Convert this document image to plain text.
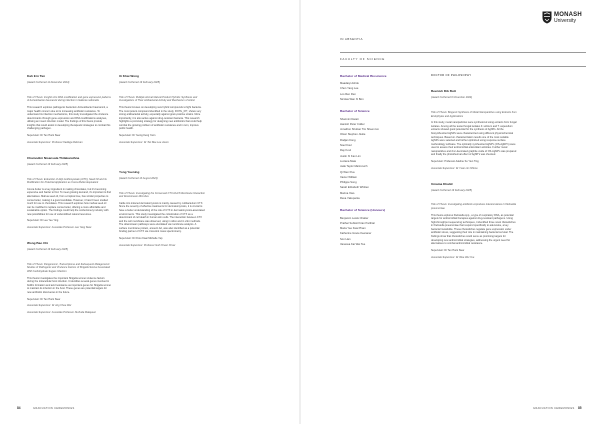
IN ABSENTIA
FACULTY OF SCIENCE
MONASH
University

Kah Ern Tan

(Award Conferred 11 December 2024)

Title of Thesis: Insights into RNA modification and gene expression patterns of Acinetobacter baumannii during infection in Galleria mellonella

This research explores pathogenic bacterium Acinetobacter baumannii, a major health concern due to its increasing antibiotic resistance. To understand its infection mechanisms, this study investigated the virulence determinants through gene expression and RNA modifications analyses, utilising an insect infection model. The findings of this thesis provide insights that could assist in developing therapeutic strategies to combat this challenging pathogen.

Supervisor: Dr Ten Hock Siew

Associate Supervisor: Professor Kadlega Rahman

Chamodini Nisansala Thilakarathna

(Award Conferred 19 February 2025)

Title of Thesis: Extraction of Allyl isothiocyanate (AITC), Seed Oil and its Modification for Potential Application as Cocoa Butter Equivalent

Cocoa butter is a key ingredient in making chocolates, but it's becoming expensive and harder to find. To meet growing demand, it's important to find alternatives. Mahua seed oil, from a tropical tree, has similar properties to cocoa butter, making it a good candidate. However, it hasn't been studied much for use in chocolates. This research explores how mahua seed oil can be modified to replace cocoa butter, offering a more affordable and sustainable option. The findings could help the confectionery industry with new possibilities for use of underutilized natural resources.

Supervisor: Dr Lee Yee Ying

Associate Supervisor: Associate Professor Lee Yang Siew

Wong Bao Chi

(Award Conferred 19 February 2025)

Title of Thesis: Pangenomic, Transcriptome and Subsequent Metagenomic Studies of Pathogenic and Virulence Factors of Shigella Sonnei Associated With Carbohydrate Sugars Infection

This thesis investigates the important Shigella sonnei virulence factors during the intracellular host infection. It identifies several genes involved in biofilm formation and acid resistance as important genes for Shigella sonnei to maintain its infection in the host. These genes are potential targets for new antibiotic discoveries in the future.

Supervisor: Dr Ten Hock Siew

Associate Supervisor: Dr Ang Chee Wei

Associate Supervisor: Associate Professor Nurhuda Matayeen

Xi Khai Wong

(Award Conferred 19 February 2025)

Title of Thesis: Multiple Animal Natural Product Hybrids: Synthesis and Investigations of Their Antibacterial Activity and Mechanism of Action

This thesis focuses on developing new hybrid compounds to fight bacteria. The most potent compound identified in the study, FO/HL_03*, shows very strong antibacterial activity, especially against gram-positive strains. More importantly, it is also active against drug-resistant bacteria. This research highlights a promising strategy for designing new antibiotics that could help combat the growing problem of antibiotic resistance and in turn, improve public health.

Supervisor: Dr Yeong Keng Yoon

Associate Supervisor: Dr Tan Bee Lee Jason

Yong Yuening

(Award Conferred 13 August 2024)

Title of Thesis: Investigating the Conserved CTX-M-2/3 Membrane Interaction and Downstream Microbes

Cattle into induced dermatomycosis is mainly caused by cutibacterium CTX. Since the severity of effective treatments for dermatomycosis, it is crucial to have a better understanding of the role of CTX in dermatomycosis-associated environments. This study investigated the colonization of CTX as a determinant of cell death in human skin cells. The interaction between CTX and the cell membrane was observed, using in silico and in vitro methods. The downstream pathways were elucidated via membrane analysis. A surface membrane protein, annexin A2, was also identified as a potential binding partner of CTX via cross-link mass spectrometry.

Supervisor: Dr Khoo Kwai Michelle Yap

Associate Supervisor: Professor Goh Chuen Chow

Bachelor of Medical Bioscience

Maadaiyi Ashok
Chen Yang Lee
Loo Ren Ren
Nicolas Wan Xi Bon

Bachelor of Science

Sharmini Darati
Hamish Peter Collier
Jonathon Shuban Tim Sheen Ho
Oliver Stephen Jiukie
Rodjan Kong
Noel Koul
Ray Koul
Justin Xi Kan Lim
Luciana Mate
Jade Taylor Marinovich
Qi Wen Pua
Xavier William
Philippe Song
Sarah Elizabeth Whitten
Marina Xiao
Reva Yakupanta

Bachelor of Science (Honours)

Benjamin Lewis Chatter
Prathar Subtsit Kiran Parthiar
Maria Yee Kwa Pham
Katherine Grace Keeraner
Son Han
Vanessa Kai Wei Tee

DOCTOR OF PHILOSOPHY

Beenish Dib Butt

(Award Conferred 6 November 2024)

Title of Thesis: Biogenic Synthesis of Metal Nanoparticles using Extracts from Endophytes and Applications

In this study, metal nanoparticles were synthesized using extracts from fungal isolates. Among all the tested fungal isolates F. solinum and T. asperellum extracts showed good potential for the synthesis of AgNPs. All the biosynthesized AgNPs were characterized using different physicochemical techniques. Based on characterization results one of the most suitable AgNPs were selected and further optimized using response surface methodology software. The optimally synthesized AgNP's (OS-AgNP's) were used to assess their antimicrobial antioxidant activities. Further metal nanoparticles and zinc-decorated graphite oxide of OS-AgNP's was prepared and finally the photothermal effect of AgNP's was checked.

Supervisor: Professor Adeline Su Yien Ting

Associate Supervisor: Dr Yuan Lin Ohlone

Umama Khalid

(Award Conferred 19 February 2025)

Title of Thesis: Investigating antibiotic-coproduce tolerancstance in Klebsiella pneumoniae

This thesis explores Klebsiella spp., a type of respiratory RNA, as potential targets for antimicrobial therapies against drug-resistant pathogens. Using high-throughput sequencing techniques, it identified three novel riboswitches in Klebsiella pneumoniae that respond specifically to adenosine, a key bacterial metabolite. These riboswitches regulate gene expression under antibiotic stress, suggesting their role in maintaining bacterial survival. The findings show that riboswitches could serve as promising targets for developing new antimicrobial strategies, addressing the urgent need for alternatives to combat antimicrobial resistance.

Supervisor: Dr Ten Hock Siew

Associate Supervisor: Dr Wee Wei Yee

84	GRADUATION CEREMONIES	GRADUATION CEREMONIES 85
